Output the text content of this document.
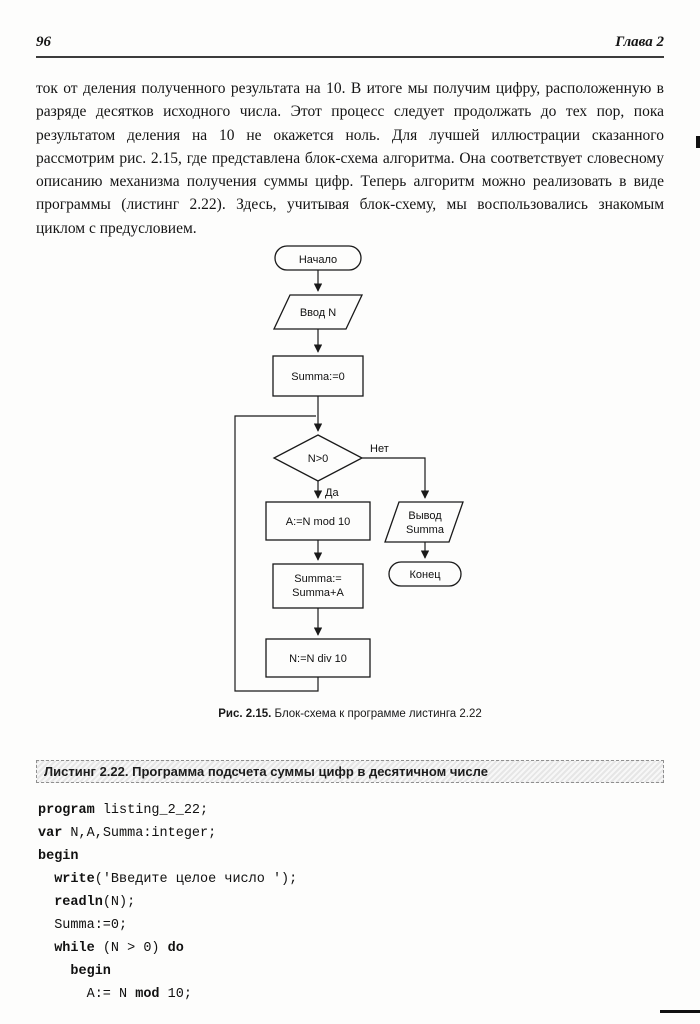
96	Глава 2

ток от деления полученного результата на 10. В итоге мы получим цифру, расположенную в разряде десятков исходного числа. Этот процесс следует продолжать до тех пор, пока результатом деления на 10 не окажется ноль. Для лучшей иллюстрации сказанного рассмотрим рис. 2.15, где представлена блок-схема алгоритма. Она соответствует словесному описанию механизма получения суммы цифр. Теперь алгоритм можно реализовать в виде программы (листинг 2.22). Здесь, учитывая блок-схему, мы воспользовались знакомым циклом с предусловием.

Начало
Ввод N
Summa:=0
N>0
Нет
Да
A:=N mod 10
Summa:=
Summa+A
N:=N div 10
Вывод
Summa
Конец

Рис. 2.15. Блок-схема к программе листинга 2.22

Листинг 2.22. Программа подсчета суммы цифр в десятичном числе
program listing_2_22;
var N,A,Summa:integer;
begin
write('Введите целое число ');
readln(N);
Summa:=0;
while (N > 0) do
begin
A:= N mod 10;
